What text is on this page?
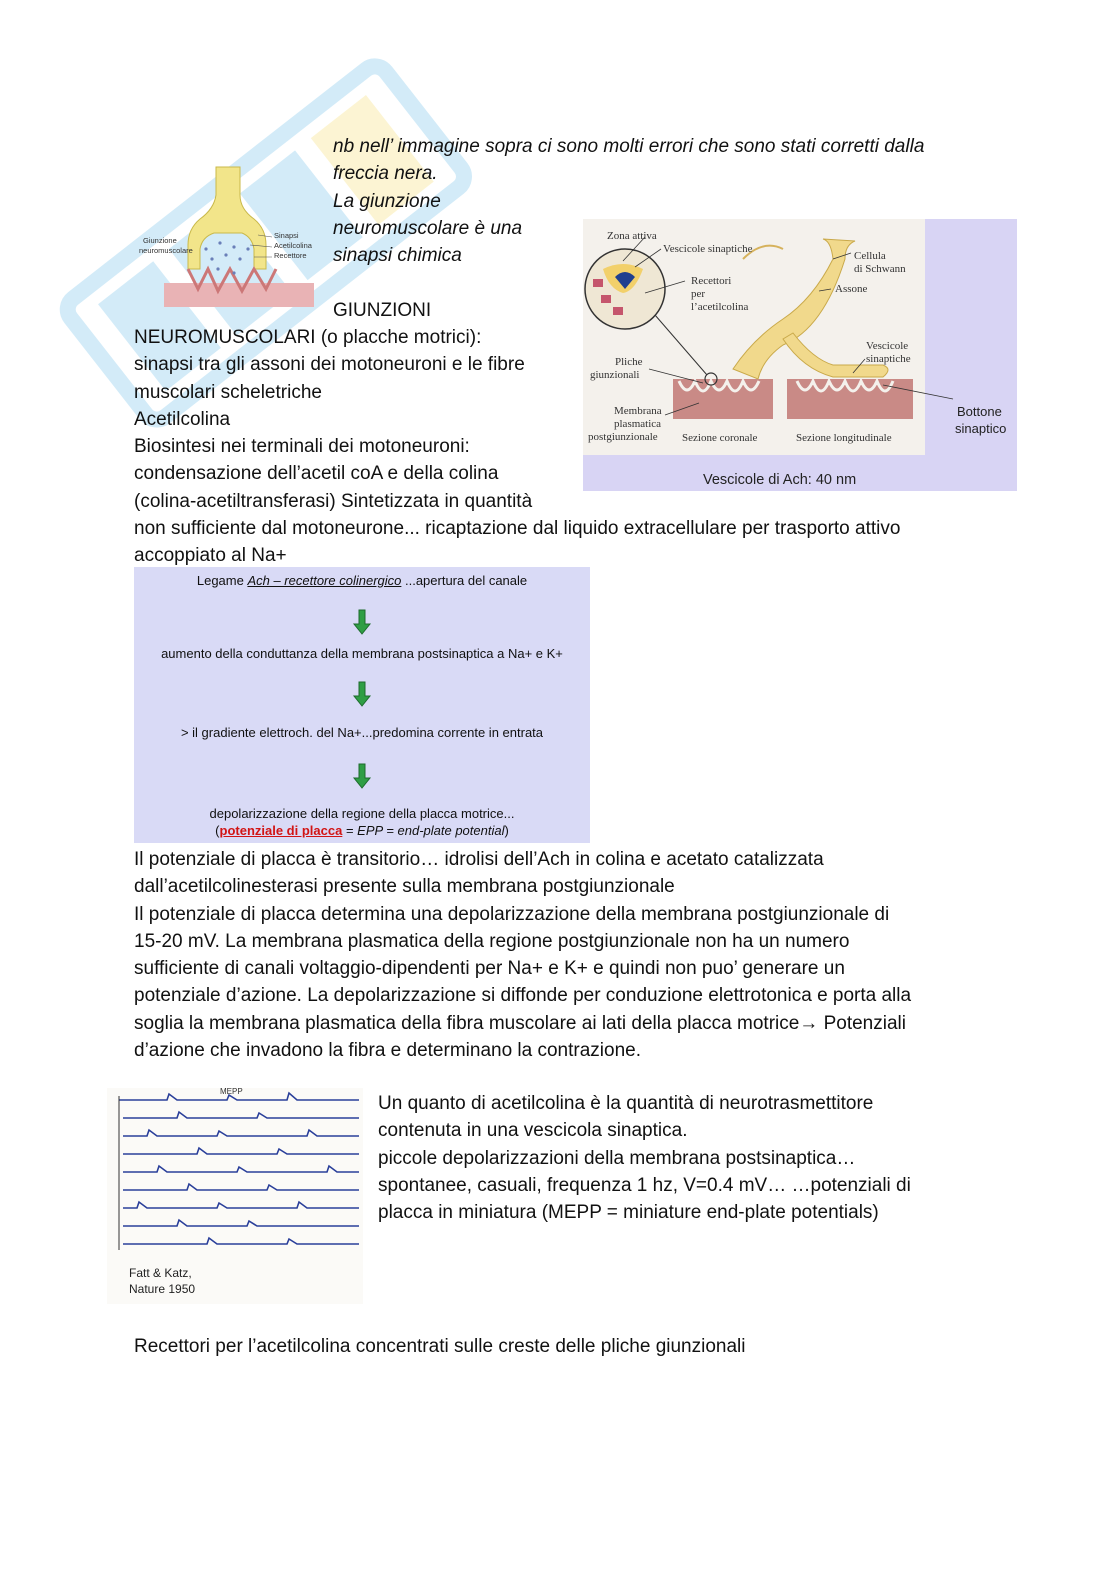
Giunzione
neuromuscolare
Sinapsi
Acetilcolina
Recettore
nb nell’ immagine sopra ci sono molti errori che sono stati corretti dalla
freccia nera.
La giunzione
neuromuscolare è una
sinapsi chimica
Zona attiva
Vescicole sinaptiche
Recettori
per
l’acetilcolina
Cellula
di Schwann
Assone
Pliche
giunzionali
Vescicole
sinaptiche
Membrana
plasmatica
postgiunzionale Sezione coronale	Sezione longitudinale
Bottone
sinaptico
Vescicole di Ach: 40 nm
GIUNZIONI
NEUROMUSCOLARI (o placche motrici):
sinapsi tra gli assoni dei motoneuroni e le fibre
muscolari scheletriche
Acetilcolina
Biosintesi nei terminali dei motoneuroni:
condensazione dell’acetil coA e della colina
(colina-acetiltransferasi) Sintetizzata in quantità
non sufficiente dal motoneurone... ricaptazione dal liquido extracellulare per trasporto attivo
accoppiato al Na+
Legame Ach – recettore colinergico ...apertura del canale
aumento della conduttanza della membrana postsinaptica a Na+ e K+
> il gradiente elettroch. del Na+...predomina corrente in entrata
depolarizzazione della regione della placca motrice...
(potenziale di placca = EPP = end-plate potential)
Il potenziale di placca è transitorio… idrolisi dell’Ach in colina e acetato catalizzata
dall’acetilcolinesterasi presente sulla membrana postgiunzionale
Il potenziale di placca determina una depolarizzazione della membrana postgiunzionale di
15-20 mV. La membrana plasmatica della regione postgiunzionale non ha un numero
sufficiente di canali voltaggio-dipendenti per Na+ e K+ e quindi non puo’ generare un
potenziale d’azione. La depolarizzazione si diffonde per conduzione elettrotonica e porta alla
soglia la membrana plasmatica della fibra muscolare ai lati della placca motrice→ Potenziali
d’azione che invadono la fibra e determinano la contrazione.
MEPP
Fatt & Katz,
Nature 1950
Un quanto di acetilcolina è la quantità di neurotrasmettitore
contenuta in una vescicola sinaptica.
piccole depolarizzazioni della membrana postsinaptica…
spontanee, casuali, frequenza 1 hz, V=0.4 mV… …potenziali di
placca in miniatura (MEPP = miniature end-plate potentials)
Recettori per l’acetilcolina concentrati sulle creste delle pliche giunzionali
